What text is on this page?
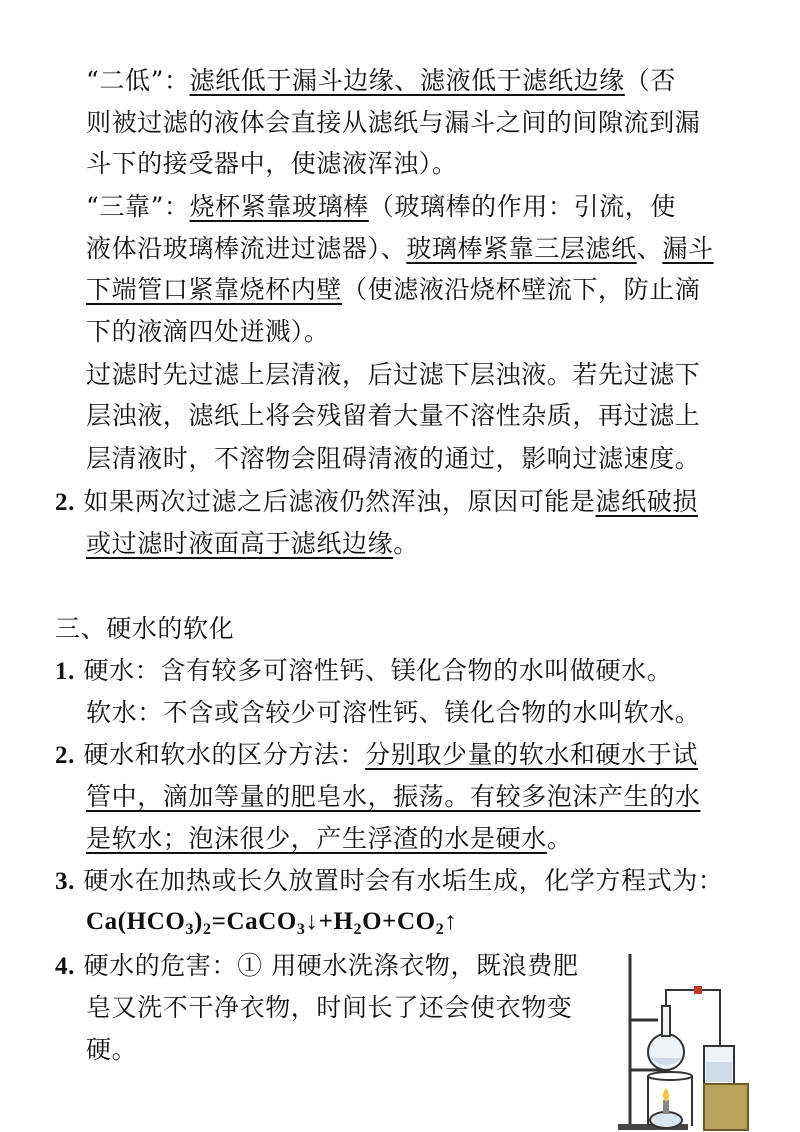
“二低”：滤纸低于漏斗边缘、滤液低于滤纸边缘（否
则被过滤的液体会直接从滤纸与漏斗之间的间隙流到漏
斗下的接受器中，使滤液浑浊）。
“三靠”：烧杯紧靠玻璃棒（玻璃棒的作用：引流，使
液体沿玻璃棒流进过滤器）、玻璃棒紧靠三层滤纸、漏斗
下端管口紧靠烧杯内壁（使滤液沿烧杯壁流下，防止滴
下的液滴四处迸溅）。
过滤时先过滤上层清液，后过滤下层浊液。若先过滤下
层浊液，滤纸上将会残留着大量不溶性杂质，再过滤上
层清液时，不溶物会阻碍清液的通过，影响过滤速度。
2. 如果两次过滤之后滤液仍然浑浊，原因可能是滤纸破损
或过滤时液面高于滤纸边缘。
三、硬水的软化
1. 硬水：含有较多可溶性钙、镁化合物的水叫做硬水。
软水：不含或含较少可溶性钙、镁化合物的水叫软水。
2. 硬水和软水的区分方法：分别取少量的软水和硬水于试
管中，滴加等量的肥皂水，振荡。有较多泡沫产生的水
是软水；泡沫很少，产生浮渣的水是硬水。
3. 硬水在加热或长久放置时会有水垢生成，化学方程式为：
$Ca(HCO_3)_2=CaCO_3↓+H_2O+CO_2↑$
4. 硬水的危害：① 用硬水洗涤衣物，既浪费肥
皂又洗不干净衣物，时间长了还会使衣物变
硬。
